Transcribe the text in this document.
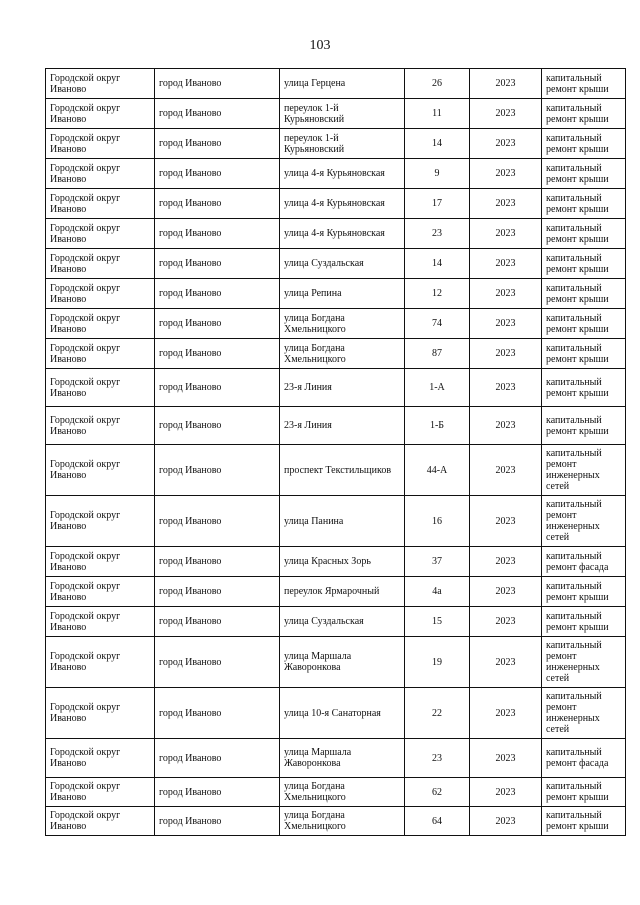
103
Городской округ Иваново	город Иваново	улица Герцена	26	2023	капитальный ремонт крыши
Городской округ Иваново	город Иваново	переулок 1-й Курьяновский	11	2023	капитальный ремонт крыши
Городской округ Иваново	город Иваново	переулок 1-й Курьяновский	14	2023	капитальный ремонт крыши
Городской округ Иваново	город Иваново	улица 4-я Курьяновская	9	2023	капитальный ремонт крыши
Городской округ Иваново	город Иваново	улица 4-я Курьяновская	17	2023	капитальный ремонт крыши
Городской округ Иваново	город Иваново	улица 4-я Курьяновская	23	2023	капитальный ремонт крыши
Городской округ Иваново	город Иваново	улица Суздальская	14	2023	капитальный ремонт крыши
Городской округ Иваново	город Иваново	улица Репина	12	2023	капитальный ремонт крыши
Городской округ Иваново	город Иваново	улица Богдана Хмельницкого	74	2023	капитальный ремонт крыши
Городской округ Иваново	город Иваново	улица Богдана Хмельницкого	87	2023	капитальный ремонт крыши
Городской округ Иваново	город Иваново	23-я Линия	1-А	2023	капитальный ремонт крыши
Городской округ Иваново	город Иваново	23-я Линия	1-Б	2023	капитальный ремонт крыши
Городской округ Иваново	город Иваново	проспект Текстильщиков	44-А	2023	капитальный ремонт инженерных сетей
Городской округ Иваново	город Иваново	улица Панина	16	2023	капитальный ремонт инженерных сетей
Городской округ Иваново	город Иваново	улица Красных Зорь	37	2023	капитальный ремонт фасада
Городской округ Иваново	город Иваново	переулок Ярмарочный	4а	2023	капитальный ремонт крыши
Городской округ Иваново	город Иваново	улица Суздальская	15	2023	капитальный ремонт крыши
Городской округ Иваново	город Иваново	улица Маршала Жаворонкова	19	2023	капитальный ремонт инженерных сетей
Городской округ Иваново	город Иваново	улица 10-я Санаторная	22	2023	капитальный ремонт инженерных сетей
Городской округ Иваново	город Иваново	улица Маршала Жаворонкова	23	2023	капитальный ремонт фасада
Городской округ Иваново	город Иваново	улица Богдана Хмельницкого	62	2023	капитальный ремонт крыши
Городской округ Иваново	город Иваново	улица Богдана Хмельницкого	64	2023	капитальный ремонт крыши
